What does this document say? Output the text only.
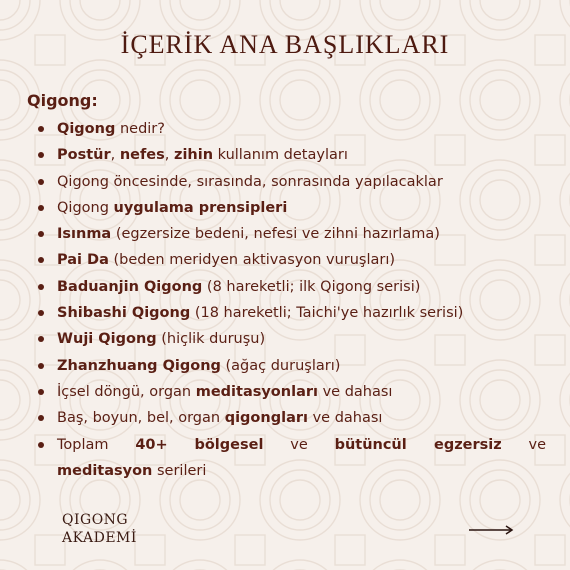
İÇERİK ANA BAŞLIKLARI
Qigong:
Qigong nedir?
Postür, nefes, zihin kullanım detayları
Qigong öncesinde, sırasında, sonrasında yapılacaklar
Qigong uygulama prensipleri
Isınma (egzersize bedeni, nefesi ve zihni hazırlama)
Pai Da (beden meridyen aktivasyon vuruşları)
Baduanjin Qigong (8 hareketli; ilk Qigong serisi)
Shibashi Qigong (18 hareketli; Taichi'ye hazırlık serisi)
Wuji Qigong (hiçlik duruşu)
Zhanzhuang Qigong (ağaç duruşları)
İçsel döngü, organ meditasyonları ve dahası
Baş, boyun, bel, organ qigongları ve dahası
Toplam 40+ bölgesel ve bütüncül egzersiz ve
meditasyon serileri
QIGONG
AKADEMİ
